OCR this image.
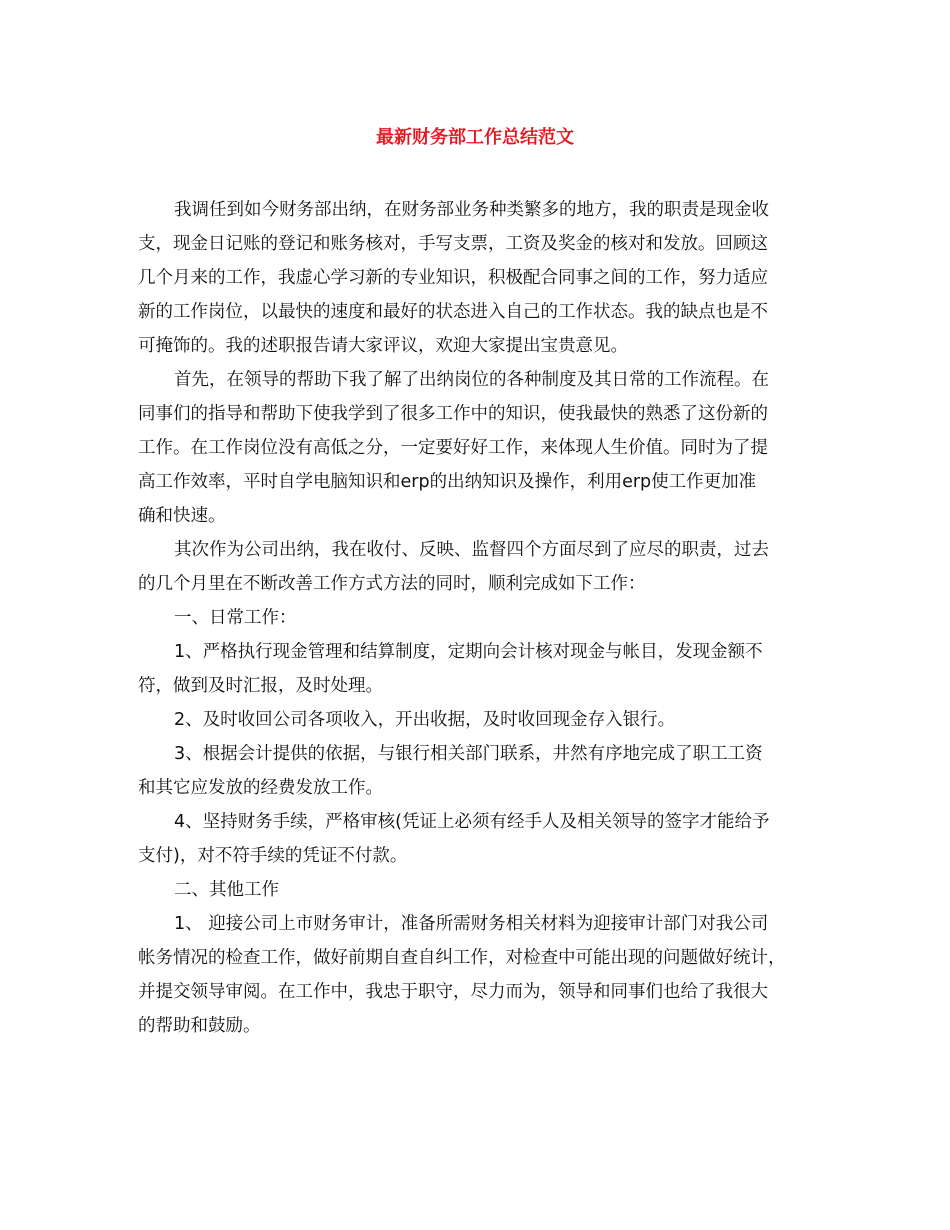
最新财务部工作总结范文
我调任到如今财务部出纳，在财务部业务种类繁多的地方，我的职责是现金收
支，现金日记账的登记和账务核对，手写支票，工资及奖金的核对和发放。回顾这
几个月来的工作，我虚心学习新的专业知识，积极配合同事之间的工作，努力适应
新的工作岗位，以最快的速度和最好的状态进入自己的工作状态。我的缺点也是不
可掩饰的。我的述职报告请大家评议，欢迎大家提出宝贵意见。
首先，在领导的帮助下我了解了出纳岗位的各种制度及其日常的工作流程。在
同事们的指导和帮助下使我学到了很多工作中的知识，使我最快的熟悉了这份新的
工作。在工作岗位没有高低之分，一定要好好工作，来体现人生价值。同时为了提
高工作效率，平时自学电脑知识和erp的出纳知识及操作，利用erp使工作更加准
确和快速。
其次作为公司出纳，我在收付、反映、监督四个方面尽到了应尽的职责，过去
的几个月里在不断改善工作方式方法的同时，顺利完成如下工作：
一、日常工作：
1、严格执行现金管理和结算制度，定期向会计核对现金与帐目，发现金额不
符，做到及时汇报，及时处理。
2、及时收回公司各项收入，开出收据，及时收回现金存入银行。
3、根据会计提供的依据，与银行相关部门联系，井然有序地完成了职工工资
和其它应发放的经费发放工作。
4、坚持财务手续，严格审核(凭证上必须有经手人及相关领导的签字才能给予
支付)，对不符手续的凭证不付款。
二、其他工作
1、 迎接公司上市财务审计，准备所需财务相关材料为迎接审计部门对我公司
帐务情况的检查工作，做好前期自查自纠工作，对检查中可能出现的问题做好统计，
并提交领导审阅。在工作中，我忠于职守，尽力而为，领导和同事们也给了我很大
的帮助和鼓励。
